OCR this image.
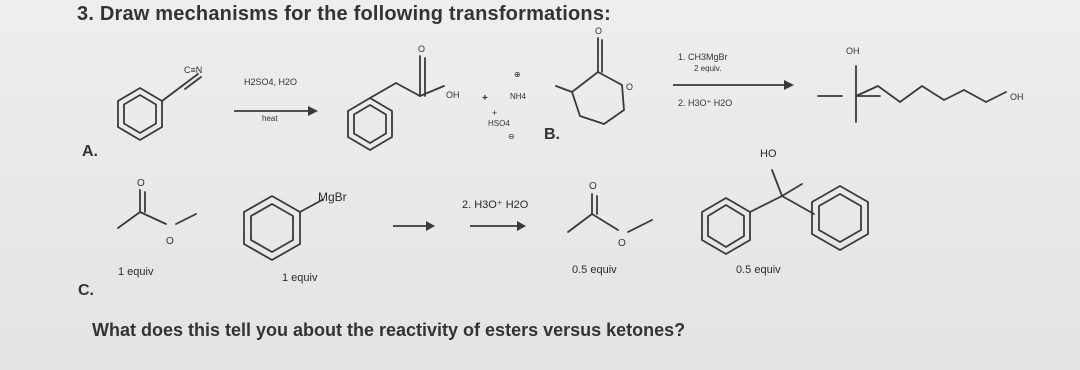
3. Draw mechanisms for the following transformations:
C≡N
H2SO4, H2O
heat
O
OH +
⊕
NH4
+
HSO4
⊖
O
O
1. CH3MgBr
2 equiv.
2. H3O⁺ H2O
OH
OH
O
O
O
O
A.
B.
C.
MgBr
2. H3O⁺ H2O
HO
1 equiv	1 equiv
0.5 equiv	0.5 equiv
What does this tell you about the reactivity of esters versus ketones?
